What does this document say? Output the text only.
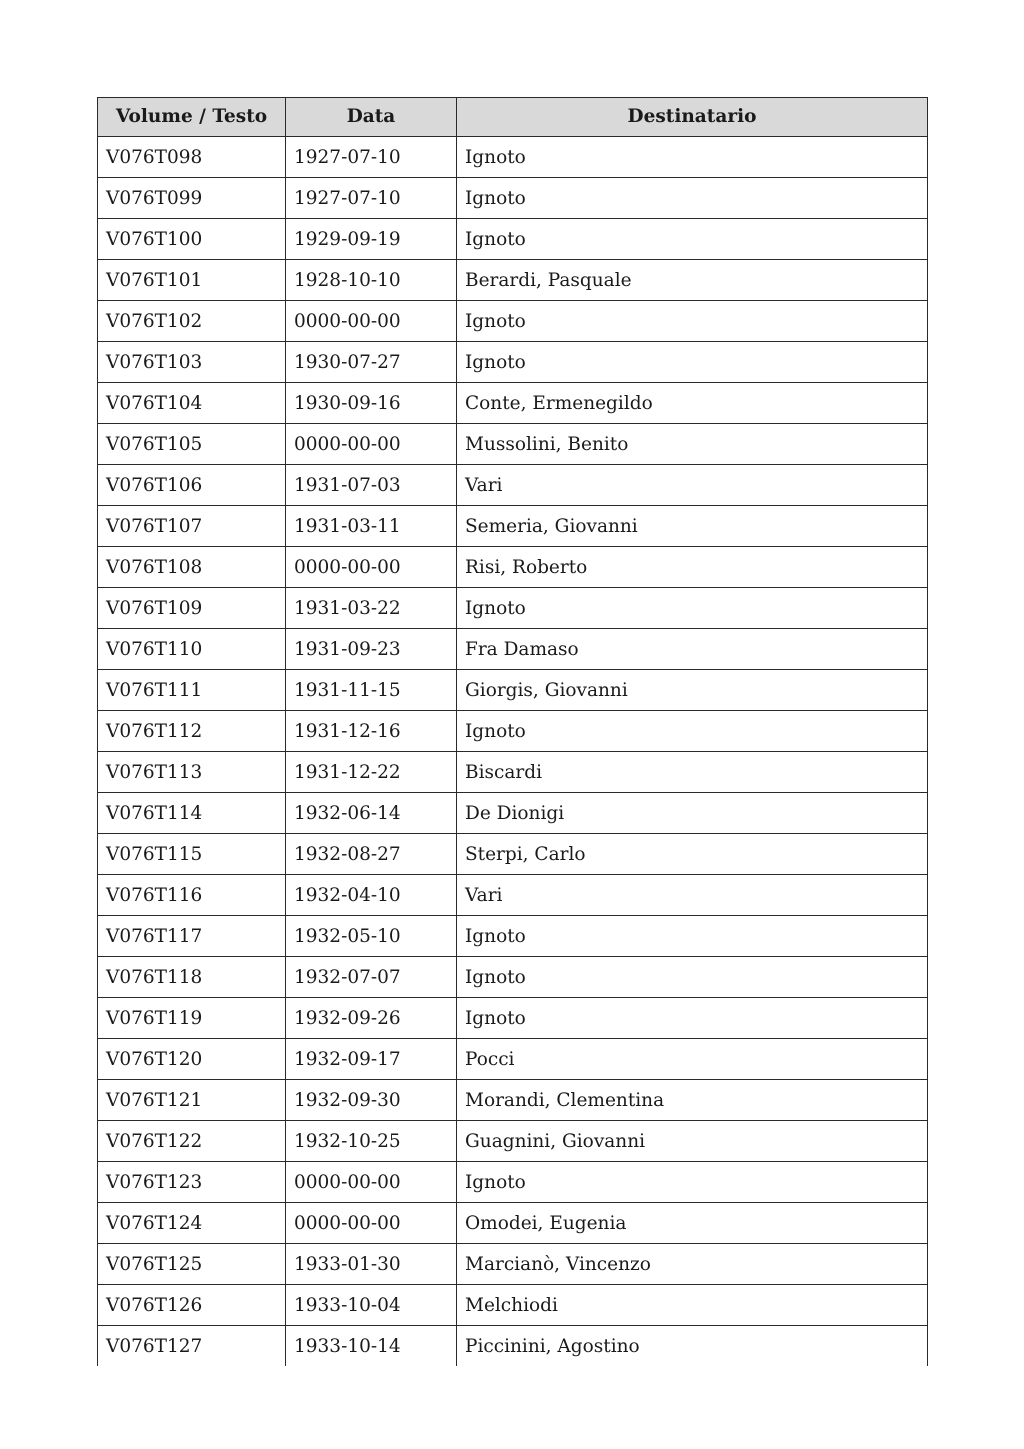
Volume / Testo	Data	Destinatario
V076T098	1927-07-10	Ignoto
V076T099	1927-07-10	Ignoto
V076T100	1929-09-19	Ignoto
V076T101	1928-10-10	Berardi, Pasquale
V076T102	0000-00-00	Ignoto
V076T103	1930-07-27	Ignoto
V076T104	1930-09-16	Conte, Ermenegildo
V076T105	0000-00-00	Mussolini, Benito
V076T106	1931-07-03	Vari
V076T107	1931-03-11	Semeria, Giovanni
V076T108	0000-00-00	Risi, Roberto
V076T109	1931-03-22	Ignoto
V076T110	1931-09-23	Fra Damaso
V076T111	1931-11-15	Giorgis, Giovanni
V076T112	1931-12-16	Ignoto
V076T113	1931-12-22	Biscardi
V076T114	1932-06-14	De Dionigi
V076T115	1932-08-27	Sterpi, Carlo
V076T116	1932-04-10	Vari
V076T117	1932-05-10	Ignoto
V076T118	1932-07-07	Ignoto
V076T119	1932-09-26	Ignoto
V076T120	1932-09-17	Pocci
V076T121	1932-09-30	Morandi, Clementina
V076T122	1932-10-25	Guagnini, Giovanni
V076T123	0000-00-00	Ignoto
V076T124	0000-00-00	Omodei, Eugenia
V076T125	1933-01-30	Marcianò, Vincenzo
V076T126	1933-10-04	Melchiodi
V076T127	1933-10-14	Piccinini, Agostino
